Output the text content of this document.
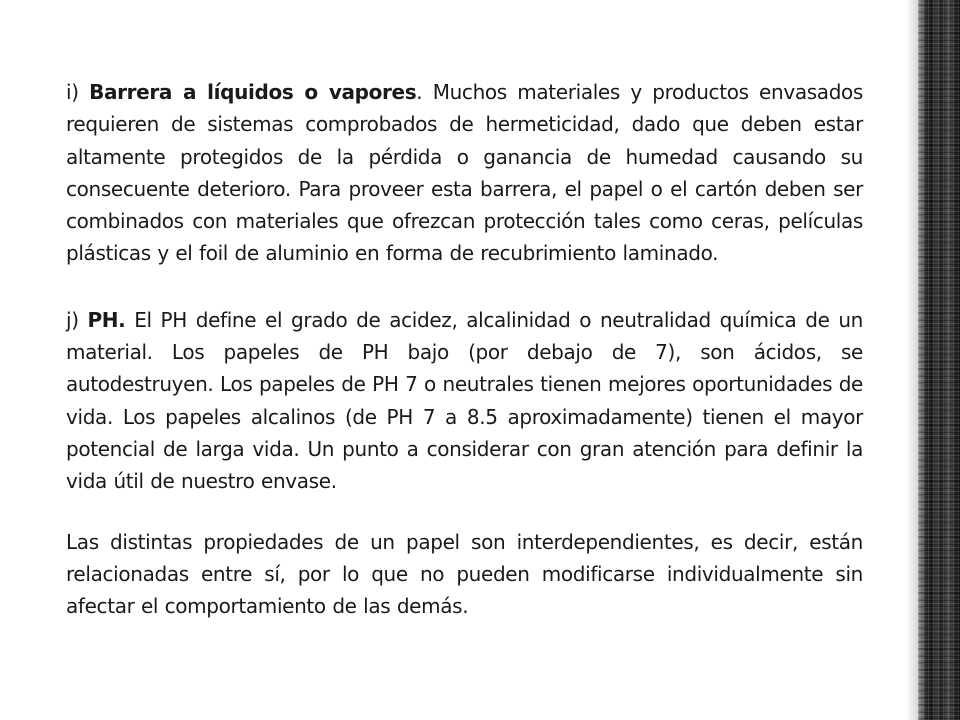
i) Barrera a líquidos o vapores. Muchos materiales y productos envasados requieren de sistemas comprobados de hermeticidad, dado que deben estar altamente protegidos de la pérdida o ganancia de humedad causando su consecuente deterioro. Para proveer esta barrera, el papel o el cartón deben ser combinados con materiales que ofrezcan protección tales como ceras, películas plásticas y el foil de aluminio en forma de recubrimiento laminado.

j) PH. El PH define el grado de acidez, alcalinidad o neutralidad química de un material. Los papeles de PH bajo (por debajo de 7), son ácidos, se autodestruyen. Los papeles de PH 7 o neutrales tienen mejores oportunidades de vida. Los papeles alcalinos (de PH 7 a 8.5 aproximadamente) tienen el mayor potencial de larga vida. Un punto a considerar con gran atención para definir la vida útil de nuestro envase.

Las distintas propiedades de un papel son interdependientes, es decir, están relacionadas entre sí, por lo que no pueden modificarse individualmente sin afectar el comportamiento de las demás.
